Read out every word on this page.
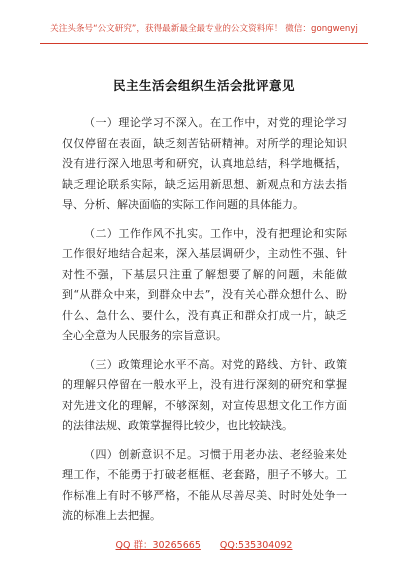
关注头条号“公文研究”，获得最新最全最专业的公文资料库！ 微信：gongwenyj
民主生活会组织生活会批评意见

（一）理论学习不深入。在工作中，对党的理论学习仅仅停留在表面，缺乏刻苦钻研精神。对所学的理论知识没有进行深入地思考和研究，认真地总结，科学地概括，缺乏理论联系实际，缺乏运用新思想、新观点和方法去指导、分析、解决面临的实际工作问题的具体能力。

（二）工作作风不扎实。工作中，没有把理论和实际工作很好地结合起来，深入基层调研少，主动性不强、针对性不强，下基层只注重了解想要了解的问题，未能做到“从群众中来，到群众中去”，没有关心群众想什么、盼什么、急什么、要什么，没有真正和群众打成一片，缺乏全心全意为人民服务的宗旨意识。

（三）政策理论水平不高。对党的路线、方针、政策的理解只停留在一般水平上，没有进行深刻的研究和掌握对先进文化的理解，不够深刻，对宣传思想文化工作方面的法律法规、政策掌握得比较少，也比较缺浅。

（四）创新意识不足。习惯于用老办法、老经验来处理工作，不能勇于打破老框框、老套路，胆子不够大。工作标准上有时不够严格，不能从尽善尽美、时时处处争一流的标准上去把握。

QQ 群：30265665 QQ:535304092
